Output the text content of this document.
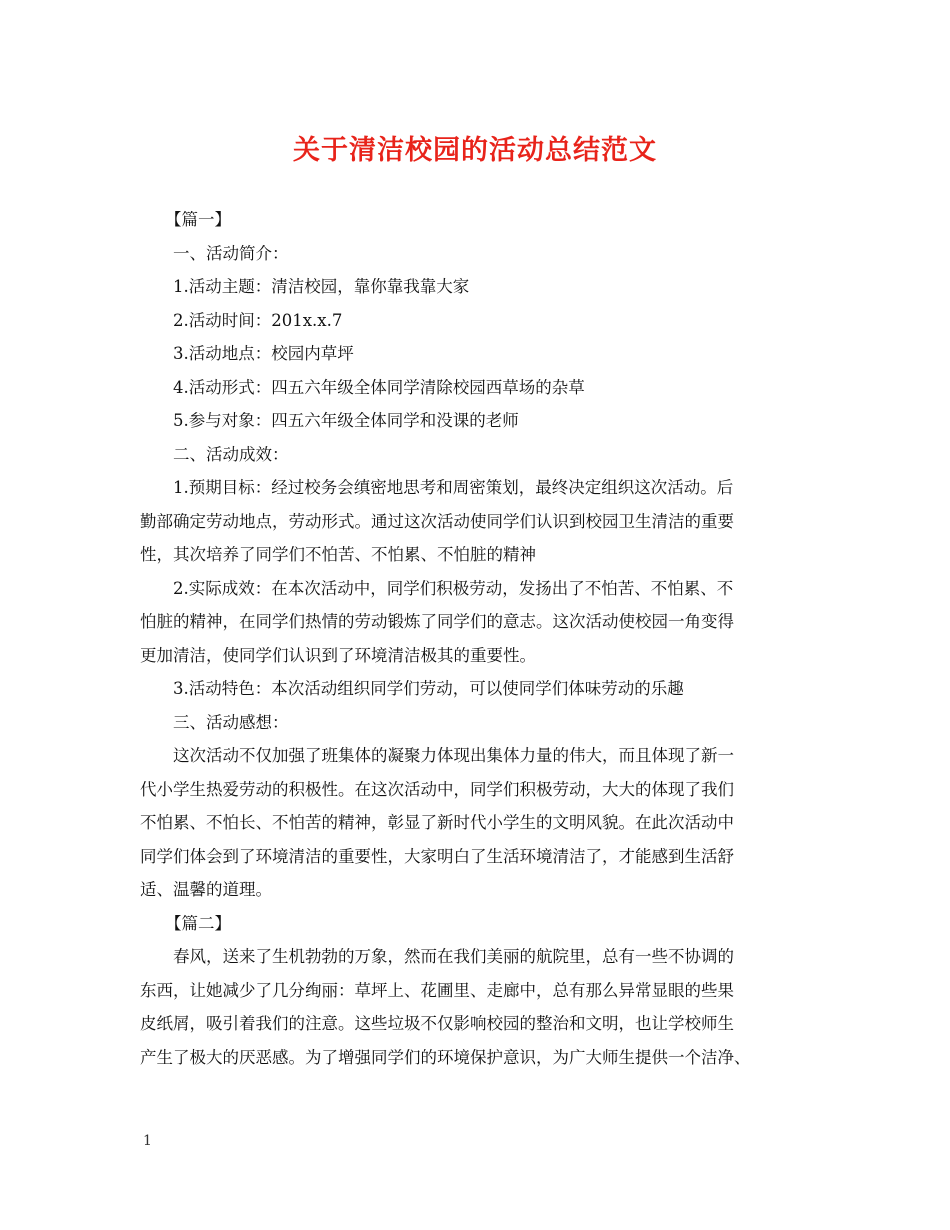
关于清洁校园的活动总结范文
【篇一】
一、活动简介：
1.活动主题：清洁校园，靠你靠我靠大家
2.活动时间：201x.x.7
3.活动地点：校园内草坪
4.活动形式：四五六年级全体同学清除校园西草场的杂草
5.参与对象：四五六年级全体同学和没课的老师
二、活动成效：
1.预期目标：经过校务会缜密地思考和周密策划，最终决定组织这次活动。后
勤部确定劳动地点，劳动形式。通过这次活动使同学们认识到校园卫生清洁的重要
性，其次培养了同学们不怕苦、不怕累、不怕脏的精神
2.实际成效：在本次活动中，同学们积极劳动，发扬出了不怕苦、不怕累、不
怕脏的精神，在同学们热情的劳动锻炼了同学们的意志。这次活动使校园一角变得
更加清洁，使同学们认识到了环境清洁极其的重要性。
3.活动特色：本次活动组织同学们劳动，可以使同学们体味劳动的乐趣
三、活动感想：
这次活动不仅加强了班集体的凝聚力体现出集体力量的伟大，而且体现了新一
代小学生热爱劳动的积极性。在这次活动中，同学们积极劳动，大大的体现了我们
不怕累、不怕长、不怕苦的精神，彰显了新时代小学生的文明风貌。在此次活动中
同学们体会到了环境清洁的重要性，大家明白了生活环境清洁了，才能感到生活舒
适、温馨的道理。
【篇二】
春风，送来了生机勃勃的万象，然而在我们美丽的航院里，总有一些不协调的
东西，让她减少了几分绚丽：草坪上、花圃里、走廊中，总有那么异常显眼的些果
皮纸屑，吸引着我们的注意。这些垃圾不仅影响校园的整治和文明，也让学校师生
产生了极大的厌恶感。为了增强同学们的环境保护意识，为广大师生提供一个洁净、
1
